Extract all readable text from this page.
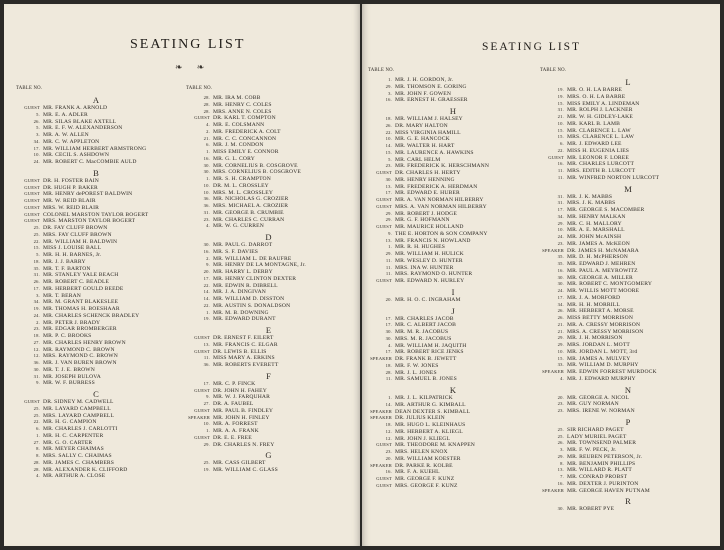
SEATING LIST
❧ ❧
TABLE NO.
A
GUEST MR. FRANK A. ARNOLD
5. MR. E. A. ADLER
26. MR. SILAS BLAKE AXTELL
5. MR. E. F. W. ALEXANDERSON
3. MR. A. W. ALLEN
34. MR. C. W. APPLETON
17. MR. WILLIAM HERBERT ARMSTRONG
10. MR. CECIL S. ASHDOWN
24. MR. ROBERT C. MacCOMBIE AULD
B
GUEST DR. H. FOSTER BAIN
GUEST DR. HUGH P. BAKER
GUEST MR. HENRY dePOREST BALDWIN
GUEST MR. W. REID BLAIR
GUEST MRS. W. REID BLAIR
GUEST COLONEL MARSTON TAYLOR BOGERT
GUEST MRS. MARSTON TAYLOR BOGERT
25. DR. FAY CLUFF BROWN
25. MRS. FAY CLUFF BROWN
22. MR. WILLIAM H. BALDWIN
15. MISS J. LOUISE BALL
5. MR. H. H. BARNES, Jr.
18. MR. J. J. BARRY
35. MR. T. F. BARTON
31. MR. STANLEY YALE BEACH
26. MR. ROBERT C. BEADLE
17. MR. HERBERT GOULD BEEDE
3. MR. T. BERAN
34. MR. M. GRANT BLAKESLEE
19. MR. THOMAS H. BOESHAAR
24. MR. CHARLES SCHENCK BRADLEY
2. MR. PETER J. BRADY
23. MR. EDGAR BROMBERGER
18. MR. P. C. BROOKS
27. MR. CHARLES HENRY BROWN
12. MR. RAYMOND C. BROWN
12. MRS. RAYMOND C. BROWN
36. MR. J. VAN BUREN BROWN
30. MR. T. J. E. BROWN
31. MR. JOSEPH BULOVA
9. MR. W. F. BURRESS
C
GUEST DR. SIDNEY M. CADWELL
25. MR. LAYARD CAMPBELL
25. MRS. LAYARD CAMPBELL
22. MR. H. G. CAMPION
6. MR. CHARLES J. CARLOTTI
1. MR. H. C. CARPENTER
27. MR. G. O. CARTER
8. MR. MEYER CHAIMAS
8. MRS. SALLY C. CHAIMAS
28. MR. JAMES C. CHAMBERS
28. MR. ALEXANDER K. CLIFFORD
4. MR. ARTHUR A. CLOSE
TABLE NO.
28. MR. IRA M. COBB
28. MR. HENRY C. COLES
28. MRS. ANNE N. COLES
GUEST DR. KARL T. COMPTON
4. MR. E. COLSMANN
2. MR. FREDERICK A. COLT
21. MR. C. C. CONCANNON
6. MR. J. M. CONDON
1. MISS EMILY E. CONNOR
16. MR. G. L. CORY
30. MR. CORNELIUS B. COSGROVE
30. MRS. CORNELIUS B. COSGROVE
1. MR. S. H. CRAMPTON
10. DR. M. L. CROSSLEY
10. MRS. M. L. CROSSLEY
36. MR. NICHOLAS G. CROZIER
36. MRS. MICHAEL A. CROZIER
31. MR. GEORGE B. CRUMBIE
23. MR. CHARLES C. CURRAN
4. MR. W. G. CURREN
D
30. MR. PAUL G. DARROT
16. MR. S. F. DAVIES
2. MR. WILLIAM L. DE BAUFRE
9. MR. HENRY DE LA MONTAGNE, Jr.
20. MR. HARRY L. DERBY
17. MR. HENRY CLINTON DEXTER
22. MR. EDWIN R. DIBRELL
14. MR. J. A. DINGIVAN
14. MR. WILLIAM D. DISSTON
22. MR. AUSTIN S. DONALDSON
1. MR. M. B. DOWNING
19. MR. EDWARD DURANT
E
GUEST DR. ERNEST F. EILERT
13. MR. FRANCIS C. ELGAR
GUEST DR. LEWIS B. ELLIS
11. MISS MARY A. ERKINS
36. MR. ROBERTS EVERETT
F
17. MR. C. P. FINCK
GUEST DR. JOHN H. FAHEY
9. MR. W. J. FARQUHAR
27. DR. A. FAUBEL
GUEST MR. PAUL B. FINDLEY
SPEAKER MR. JOHN H. FINLEY
10. MR. A. FORREST
1. MR. A. A. FRANK
GUEST DR. E. E. FREE
29. DR. CHARLES N. FREY
G
25. MR. CASS GILBERT
19. MR. WILLIAM C. GLASS
SEATING LIST
TABLE NO.
1. MR. J. H. GORDON, Jr.
29. MR. THOMSON E. GORING
3. MR. JOHN F. GOWEN
16. MR. ERNEST H. GRAESSER
H
18. MR. WILLIAM J. HALSEY
26. DR. MARY HALTON
22. MISS VIRGINIA HAMILL
10. MR. G. E. HANCOCK
14. MR. WALTER H. HART
15. MR. LAURENCE A. HAWKINS
5. MR. CARL HELM
23. MR. FREDERICK K. HERSCHMANN
GUEST DR. CHARLES H. HERTY
30. MR. HENRY HENNING
13. MR. FREDERICK A. HERDMAN
17. MR. EDWARD E. HUBER
GUEST MR. A. VAN NORMAN HILBERRY
GUEST MRS. A. VAN NORMAN HILBERRY
29. MR. ROBERT J. HODGE
29. MR. G. F. HOFMANN
GUEST MR. MAURICE HOLLAND
9. THE E. HORTON & SON COMPANY
13. MR. FRANCIS N. HOWLAND
1. MR. R. H. HUGHES
29. MR. WILLIAM H. HULICK
11. MR. WESLEY D. HUNTER
11. MRS. INA W. HUNTER
11. MRS. RAYMOND O. HUNTER
GUEST MR. EDWARD N. HURLEY
I
20. MR. H. O. C. INGRAHAM
J
17. MR. CHARLES JACOB
17. MR. C. ALBERT JACOB
30. MR. M. R. JACOBUS
30. MRS. M. R. JACOBUS
4. MR. WILLIAM H. JAQUITH
17. MR. ROBERT RICE JENKS
SPEAKER DR. FRANK B. JEWETT
18. MR. F. W. JONES
28. MR. J. L. JONES
11. MR. SAMUEL B. JONES
K
1. MR. J. L. KILPATRICK
14. MR. ARTHUR G. KIMBALL
SPEAKER DEAN DEXTER S. KIMBALL
SPEAKER DR. JULIUS KLEIN
18. MR. HUGO L. KLEINHAUS
12. MR. HERBERT A. KLIEGL
12. MR. JOHN J. KLIEGL
GUEST MR. THEODORE M. KNAPPEN
23. MRS. HELEN KNOX
20. MR. WILLIAM KOESTER
SPEAKER DR. PARKE R. KOLBE
16. MR. F. A. KUEHL
GUEST MR. GEORGE F. KUNZ
GUEST MRS. GEORGE F. KUNZ
TABLE NO.
L
19. MR. O. H. LA BARRE
19. MRS. O. H. LA BARRE
15. MISS EMILY A. LINDEMAN
31. MR. ROLPH J. LACKNER
21. MR. W. H. GIDLEY-LAKE
10. MR. KARL B. LAMB
15. MR. CLARENCE L. LAW
15. MRS. CLARENCE L. LAW
6. MR. J. EDWARD LEE
22. MISS H. EUGENIA LIES
GUEST MR. LEONOR F. LOREE
16. MR. CHARLES LURCOTT
11. MRS. EDITH B. LURCOTT
11. MR. WINFRED NORTON LURCOTT
M
31. MR. J. K. MABBS
31. MRS. J. K. MABBS
17. MR. GEORGE S. MACOMBER
34. MR. HENRY MALKAN
29. MR. C. H. MALLORY
10. MR. A. E. MARSHALL
24. MR. JOHN McAINSH
23. MR. JAMES A. McKEON
SPEAKER DR. JAMES H. McNAMARA
35. MR. D. H. McPHERSON
35. MR. EDWARD J. MEHREN
16. MR. PAUL A. MEYROWITZ
30. MR. GEORGE A. MILLER
30. MR. ROBERT C. MONTGOMERY
24. MR. WILLIS MOTT MOORE
17. MR. J. A. MORFORD
34. MR. H. H. MORRILL
26. MR. HERBERT A. MORSE
26. MISS BETTY MORRISON
21. MR. A. CRESSY MORRISON
21. MRS. A. CRESSY MORRISON
29. MR. J. H. MORRISON
29. MRS. JORDAN L. MOTT
10. MR. JORDAN L. MOTT, 3rd
15. MR. JAMES A. MULVEY
33. MR. WILLIAM D. MURPHY
SPEAKER MR. EDWIN FORREST MURDOCK
4. MR. J. EDWARD MURPHY
N
20. MR. GEORGE A. NICOL
23. MR. GUY NORMAN
23. MRS. IRENE W. NORMAN
P
25. SIR RICHARD PAGET
25. LADY MURIEL PAGET
26. MR. TOWNSEND PALMER
3. MR. F. W. PECK, Jr.
29. MR. REUBEN PETERSON, Jr.
8. MR. BENJAMIN PHILLIPS
13. MR. WILLARD R. PLATT
7. MR. CONRAD PROBST
16. MR. DEXTER J. PURINTON
SPEAKER MR. GEORGE HAVEN PUTNAM
R
30. MR. ROBERT PYE
